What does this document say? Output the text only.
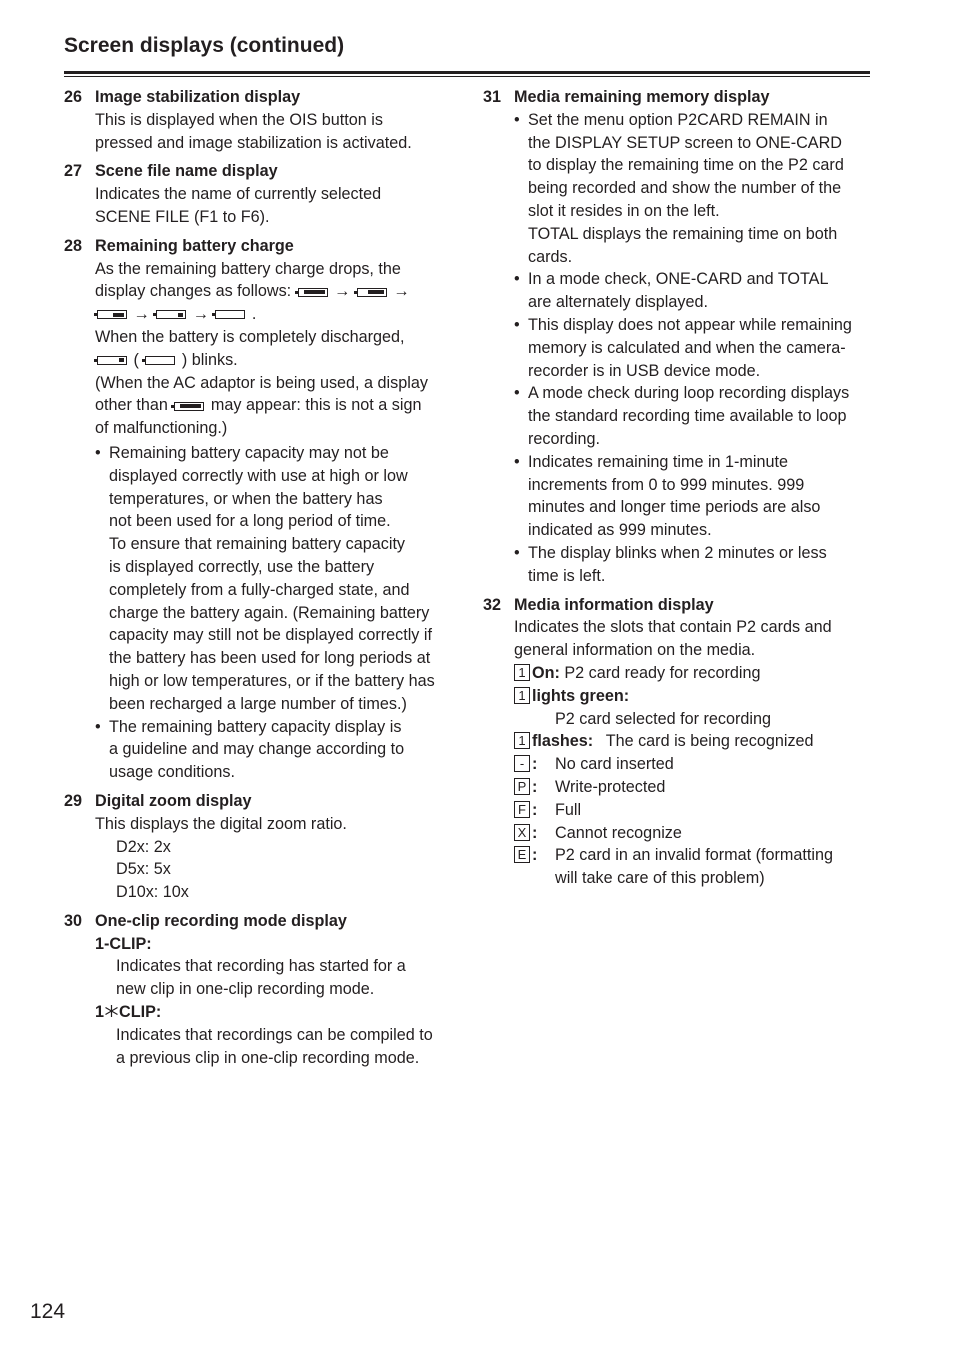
Screen displays (continued)
26 Image stabilization display
This is displayed when the OIS button is
pressed and image stabilization is activated.
27 Scene file name display
Indicates the name of currently selected
SCENE FILE (F1 to F6).
28 Remaining battery charge
As the remaining battery charge drops, the
display changes as follows:	→	→
→	→	.
When the battery is completely discharged,
(	) blinks.
(When the AC adaptor is being used, a display
other than	may appear: this is not a sign
of malfunctioning.)
• Remaining battery capacity may not be
displayed correctly with use at high or low
temperatures, or when the battery has
not been used for a long period of time.
To ensure that remaining battery capacity
is displayed correctly, use the battery
completely from a fully-charged state, and
charge the battery again. (Remaining battery
capacity may still not be displayed correctly if
the battery has been used for long periods at
high or low temperatures, or if the battery has
been recharged a large number of times.)
• The remaining battery capacity display is
a guideline and may change according to
usage conditions.
29 Digital zoom display
This displays the digital zoom ratio.
D2x: 2x
D5x: 5x
D10x: 10x
30 One-clip recording mode display
1-CLIP:
Indicates that recording has started for a
new clip in one-clip recording mode.
1 CLIP:
Indicates that recordings can be compiled to
a previous clip in one-clip recording mode.
31 Media remaining memory display
• Set the menu option P2CARD REMAIN in
the DISPLAY SETUP screen to ONE-CARD
to display the remaining time on the P2 card
being recorded and show the number of the
slot it resides in on the left.
TOTAL displays the remaining time on both
cards.
• In a mode check, ONE-CARD and TOTAL
are alternately displayed.
• This display does not appear while remaining
memory is calculated and when the camera-
recorder is in USB device mode.
• A mode check during loop recording displays
the standard recording time available to loop
recording.
• Indicates remaining time in 1-minute
increments from 0 to 999 minutes. 999
minutes and longer time periods are also
indicated as 999 minutes.
• The display blinks when 2 minutes or less
time is left.
32 Media information display
Indicates the slots that contain P2 cards and
general information on the media.
1 On: P2 card ready for recording
1 lights green:
P2 card selected for recording
1 flashes: The card is being recognized
- :	No card inserted
P :	Write-protected
F :	Full
X :	Cannot recognize
E :	P2 card in an invalid format (formatting
will take care of this problem)
124
